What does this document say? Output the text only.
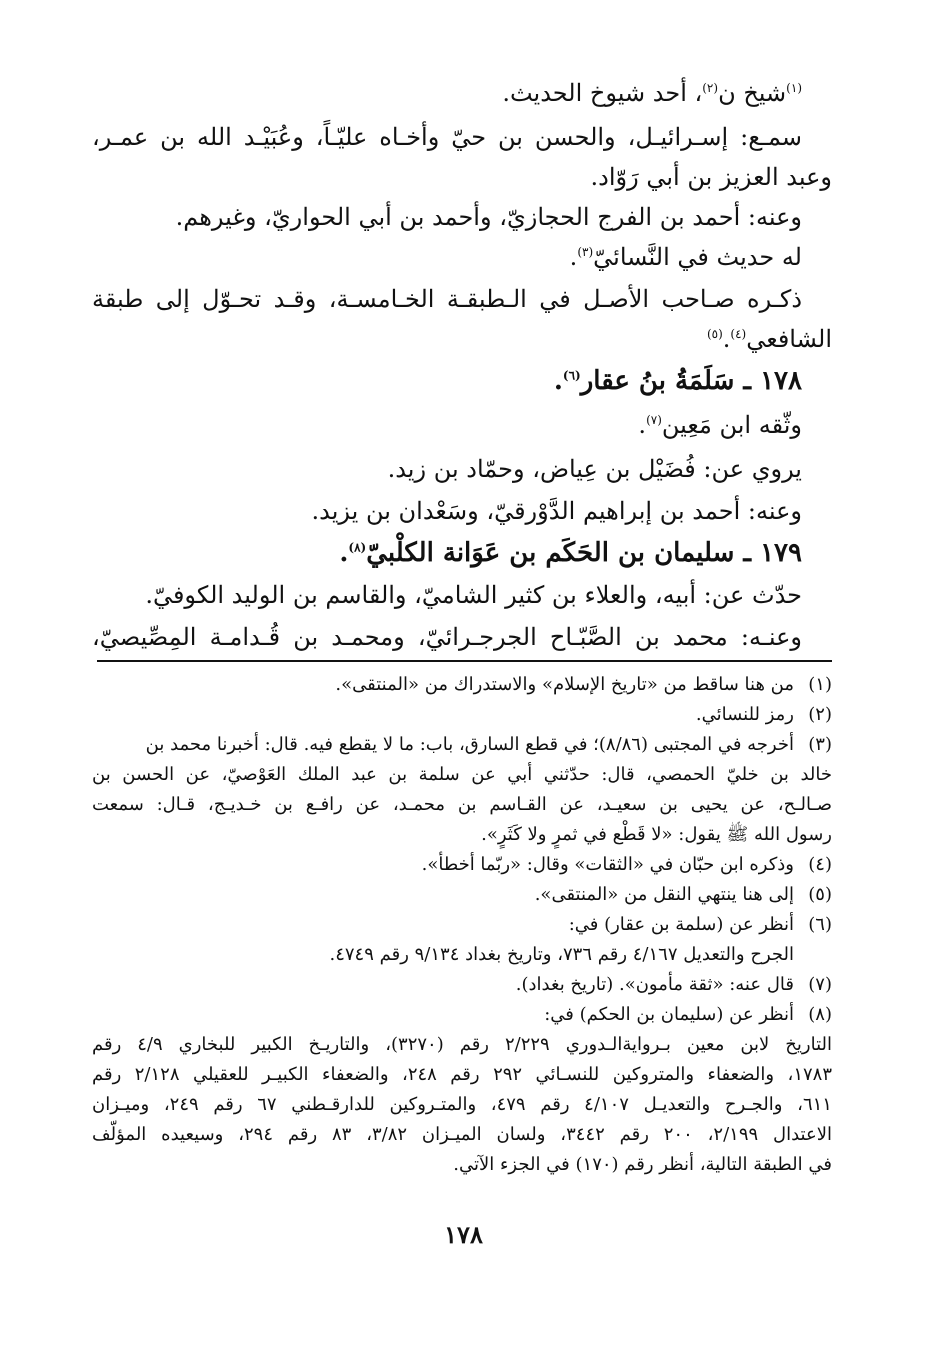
$^{(١)}$شيخ ن$^{(٢)}$، أحد شيوخ الحديث.
سمـع: إسـرائيـل، والحسن بن حيّ وأخـاه عليّـاً، وعُبَيْـد الله بن عمـر،
وعبد العزيز بن أبي رَوّاد.
وعنه: أحمد بن الفرج الحجازيّ، وأحمد بن أبي الحواريّ، وغيرهم.
له حديث في النَّسائيّ$^{(٣)}$.
ذكـره صـاحب الأصـل في الـطبقـة الخـامسـة، وقـد تحـوّل إلى طبقة
الشافعي$^{(٤)}$.$^{(٥)}$
١٧٨ ـ سَلَمَةُ بنُ عقار$^{(٦)}$.
وثّقه ابن مَعِين$^{(٧)}$.
يروي عن: فُضَيْل بن عِياض، وحمّاد بن زيد.
وعنه: أحمد بن إبراهيم الدَّوْرقيّ، وسَعْدان بن يزيد.
١٧٩ ـ سليمان بن الحَكَم بن عَوَانة الكلْبيّ$^{(٨)}$.
حدّث عن: أبيه، والعلاء بن كثير الشاميّ، والقاسم بن الوليد الكوفيّ.
وعنـه: محمد بن الصَّبّـاح الجرجـرائيّ، ومحمـد بن قُـدامـة المِصِّيصيّ،
(١)من هنا ساقط من «تاريخ الإسلام» والاستدراك من «المنتقى».
(٢)رمز للنسائي.
(٣)أخرجه في المجتبى (٨/٨٦)؛ في قطع السارق، باب: ما لا يقطع فيه. قال: أخبرنا محمد بن
خالد بن خليّ الحمصي، قال: حدّثني أبي عن سلمة بن عبد الملك العَوْصيّ، عن الحسن بن
صـالـح، عن يحيى بن سعيـد، عن القـاسم بن محمـد، عن رافـع بن خـديـج، قـال: سمعت
رسول الله ﷺ يقول: «لا قَطْع في ثمرٍ ولا كَثَرٍ».
(٤)وذكره ابن حبّان في «الثقات» وقال: «ربّما أخطأ».
(٥)إلى هنا ينتهي النقل من «المنتقى».
(٦)أنظر عن (سلمة بن عقار) في:
الجرح والتعديل ٤/١٦٧ رقم ٧٣٦، وتاريخ بغداد ٩/١٣٤ رقم ٤٧٤٩.
(٧)قال عنه: «ثقة مأمون». (تاريخ بغداد).
(٨)أنظر عن (سليمان بن الحكم) في:
التاريخ لابن معين بـروايةالـدوري ٢/٢٢٩ رقم (٣٢٧٠)، والتاريـخ الكبير للبخاري ٤/٩ رقم
١٧٨٣، والضعفاء والمتروكين للنسـائي ٢٩٢ رقم ٢٤٨، والضعفاء الكبيـر للعقيلي ٢/١٢٨ رقم
٦١١، والجـرح والتعديـل ٤/١٠٧ رقم ٤٧٩، والمتـروكين للدارقـطني ٦٧ رقم ٢٤٩، وميـزان
الاعتدال ٢/١٩٩، ٢٠٠ رقم ٣٤٤٢، ولسان الميـزان ٣/٨٢، ٨٣ رقم ٢٩٤، وسيعيده المؤلّف
في الطبقة التالية، أنظر رقم (١٧٠) في الجزء الآتي.
١٧٨
